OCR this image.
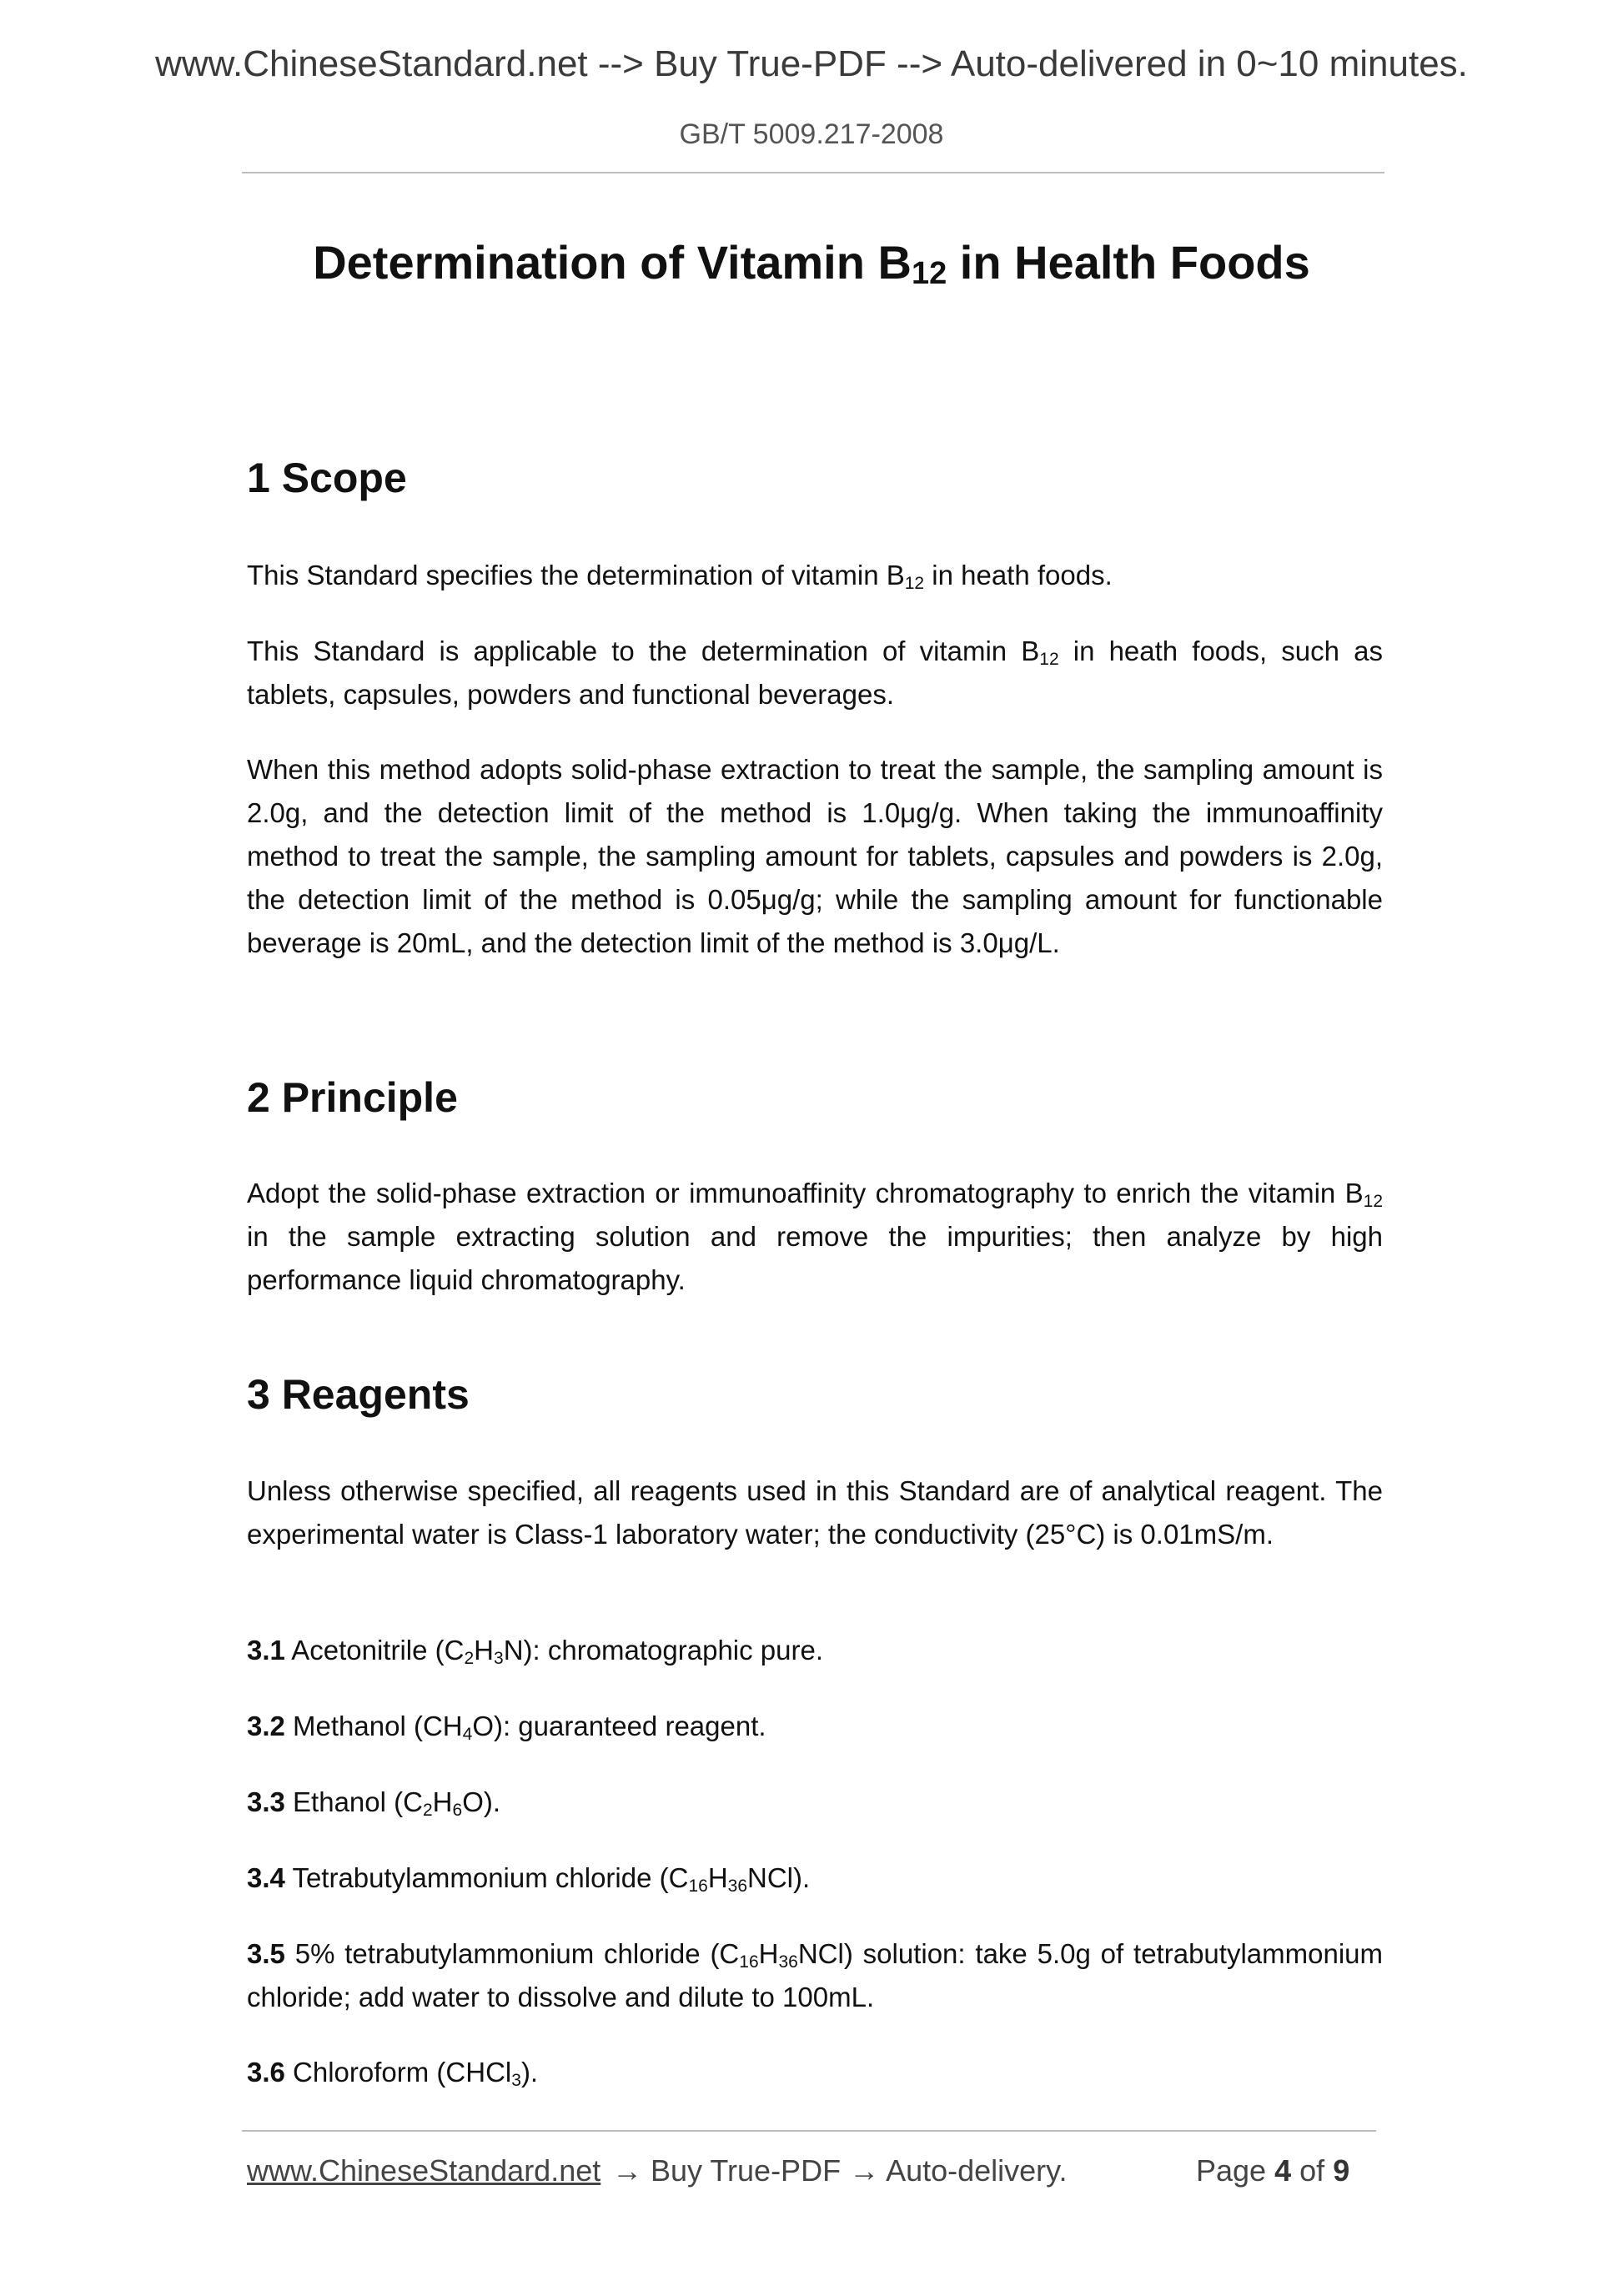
www.ChineseStandard.net --> Buy True-PDF --> Auto-delivered in 0~10 minutes.
GB/T 5009.217-2008
Determination of Vitamin $B_{12}$ in Health Foods
1 Scope
This Standard specifies the determination of vitamin $B_{12}$ in heath foods.
This Standard is applicable to the determination of vitamin $B_{12}$ in heath foods, such as tablets, capsules, powders and functional beverages.
When this method adopts solid-phase extraction to treat the sample, the sampling amount is 2.0g, and the detection limit of the method is 1.0μg/g. When taking the immunoaffinity method to treat the sample, the sampling amount for tablets, capsules and powders is 2.0g, the detection limit of the method is 0.05μg/g; while the sampling amount for functionable beverage is 20mL, and the detection limit of the method is 3.0μg/L.
2 Principle
Adopt the solid-phase extraction or immunoaffinity chromatography to enrich the vitamin $B_{12}$ in the sample extracting solution and remove the impurities; then analyze by high performance liquid chromatography.
3 Reagents
Unless otherwise specified, all reagents used in this Standard are of analytical reagent. The experimental water is Class-1 laboratory water; the conductivity (25°C) is 0.01mS/m.
3.1 Acetonitrile $(C_2H_3N)$: chromatographic pure.
3.2 Methanol $(CH_4O)$: guaranteed reagent.
3.3 Ethanol $(C_2H_6O)$.
3.4 Tetrabutylammonium chloride $(C_{16}H_{36}NCl)$.
3.5 5% tetrabutylammonium chloride $(C_{16}H_{36}NCl)$ solution: take 5.0g of tetrabutylammonium chloride; add water to dissolve and dilute to 100mL.
3.6 Chloroform (CHCl$_3$).
www.ChineseStandard.net → Buy True-PDF → Auto-delivery.	Page 4 of 9
